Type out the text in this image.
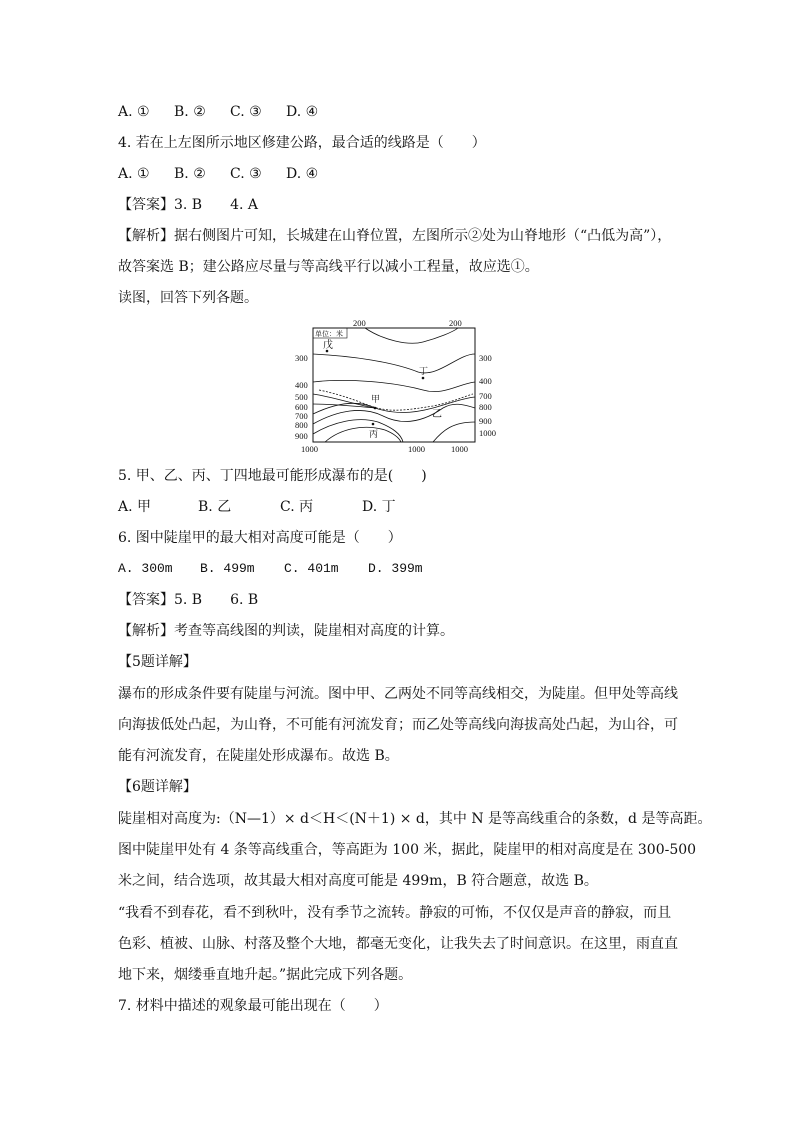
A. ① B. ② C. ③ D. ④
4. 若在上左图所示地区修建公路，最合适的线路是（　　）
A. ① B. ② C. ③ D. ④
【答案】3. B　　4. A
【解析】据右侧图片可知，长城建在山脊位置，左图所示②处为山脊地形（“凸低为高”），
故答案选 B；建公路应尽量与等高线平行以减小工程量，故应选①。
读图，回答下列各题。
单位：米
200	200
300
400
500
600
700
800
900
300
400
700
800
900
1000
1000	1000	1000
戊
丁
甲
乙
丙
5. 甲、乙、丙、丁四地最可能形成瀑布的是(　　)
A. 甲	B. 乙	C. 丙	D. 丁
6. 图中陡崖甲的最大相对高度可能是（　　）
A. 300m B. 499m C. 401m D. 399m
【答案】5. B　　6. B
【解析】考查等高线图的判读，陡崖相对高度的计算。
【5题详解】
瀑布的形成条件要有陡崖与河流。图中甲、乙两处不同等高线相交，为陡崖。但甲处等高线
向海拔低处凸起，为山脊，不可能有河流发育；而乙处等高线向海拔高处凸起，为山谷，可
能有河流发育，在陡崖处形成瀑布。故选 B。
【6题详解】
陡崖相对高度为:（N—1）× d＜H＜(N＋1) × d，其中 N 是等高线重合的条数，d 是等高距。
图中陡崖甲处有 4 条等高线重合，等高距为 100 米，据此，陡崖甲的相对高度是在 300-500
米之间，结合选项，故其最大相对高度可能是 499m，B 符合题意，故选 B。
“我看不到春花，看不到秋叶，没有季节之流转。静寂的可怖，不仅仅是声音的静寂，而且
色彩、植被、山脉、村落及整个大地，都毫无变化，让我失去了时间意识。在这里，雨直直
地下来，烟缕垂直地升起。”据此完成下列各题。
7. 材料中描述的观象最可能出现在（　　）
